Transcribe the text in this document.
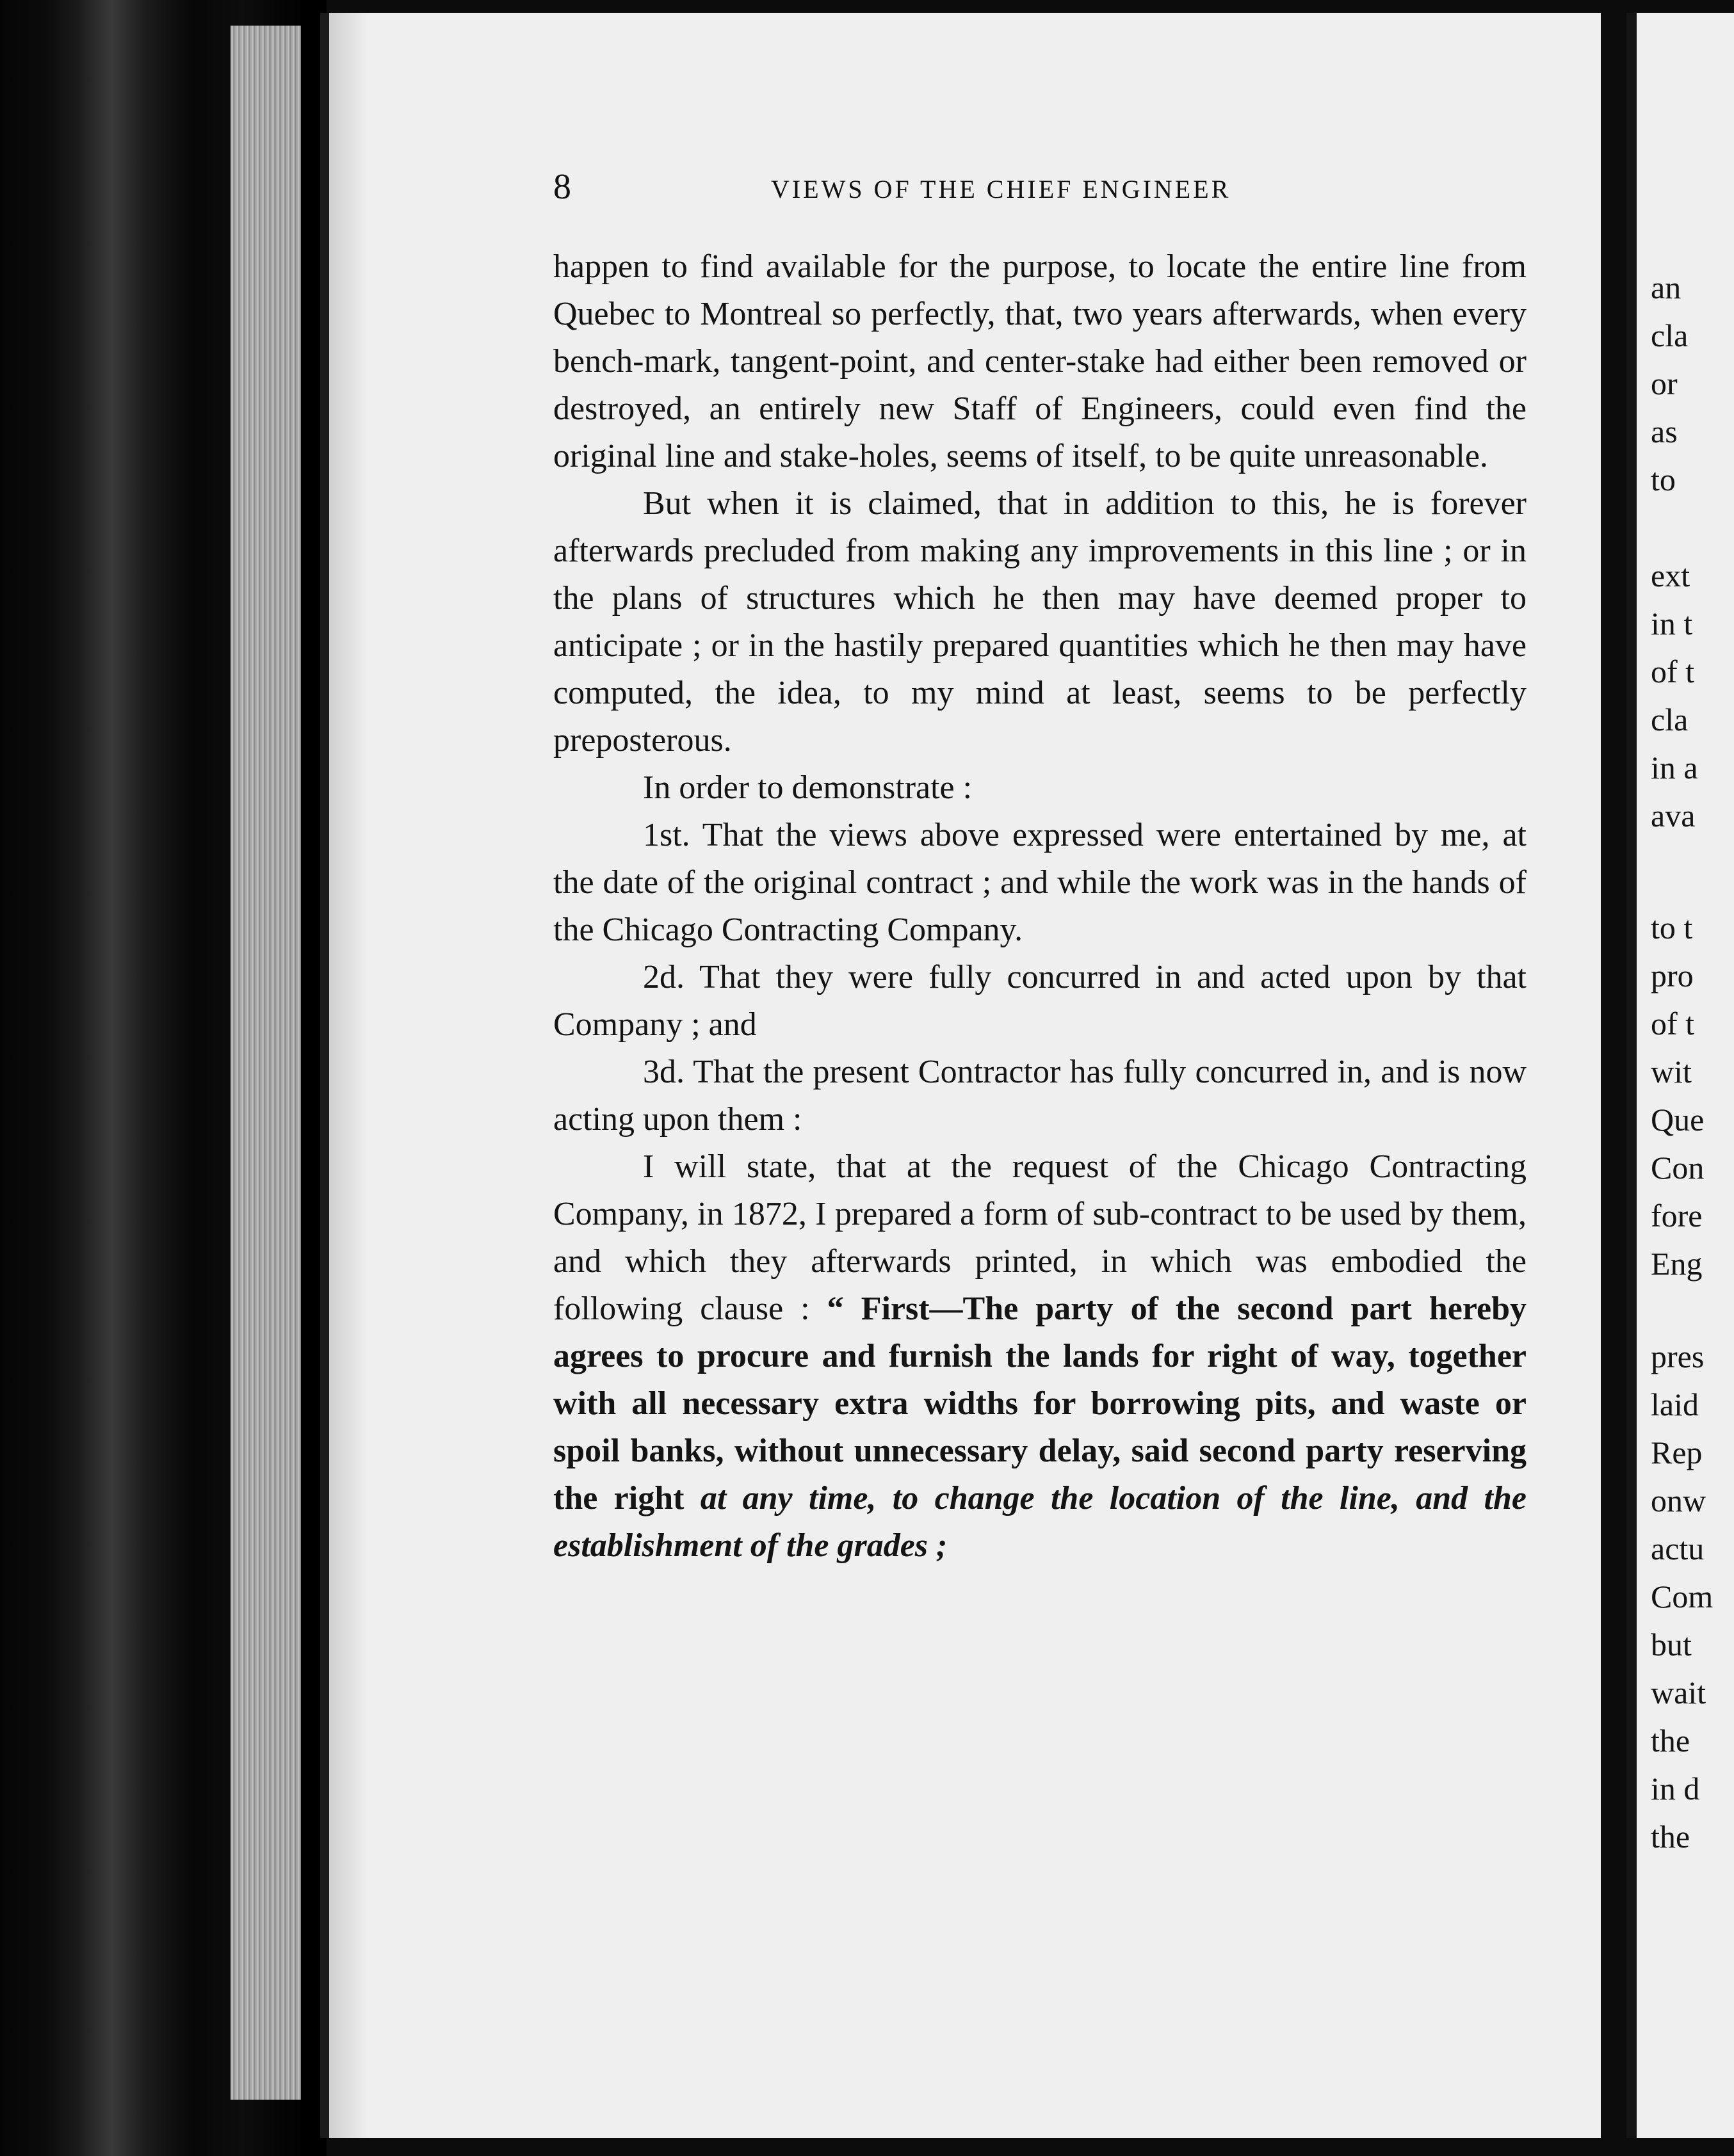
8	VIEWS OF THE CHIEF ENGINEER

happen to find available for the purpose, to locate the entire line from Quebec to Montreal so perfectly, that, two years afterwards, when every bench-mark, tangent-point, and center-stake had either been removed or destroyed, an entirely new Staff of Engineers, could even find the original line and stake-holes, seems of itself, to be quite unreasonable.

But when it is claimed, that in addition to this, he is forever afterwards precluded from making any improvements in this line ; or in the plans of structures which he then may have deemed proper to anticipate ; or in the hastily prepared quantities which he then may have computed, the idea, to my mind at least, seems to be perfectly preposterous.

In order to demonstrate :

1st. That the views above expressed were entertained by me, at the date of the original contract ; and while the work was in the hands of the Chicago Contracting Company.

2d. That they were fully concurred in and acted upon by that Company ; and

3d. That the present Contractor has fully concurred in, and is now acting upon them :

I will state, that at the request of the Chicago Contracting Company, in 1872, I prepared a form of sub-contract to be used by them, and which they afterwards printed, in which was embodied the following clause : “ First—The party of the second part hereby agrees to procure and furnish the lands for right of way, together with all necessary extra widths for borrowing pits, and waste or spoil banks, without unnecessary delay, said second party reserving the right at any time, to change the location of the line, and the establishment of the grades ;

an
cla
or
as
to
ext
in t
of t
cla
in a
ava
to t
pro
of t
wit
Que
Con
fore
Eng
pres
laid
Rep
onw
actu
Com
but
wait
the
in d
the
